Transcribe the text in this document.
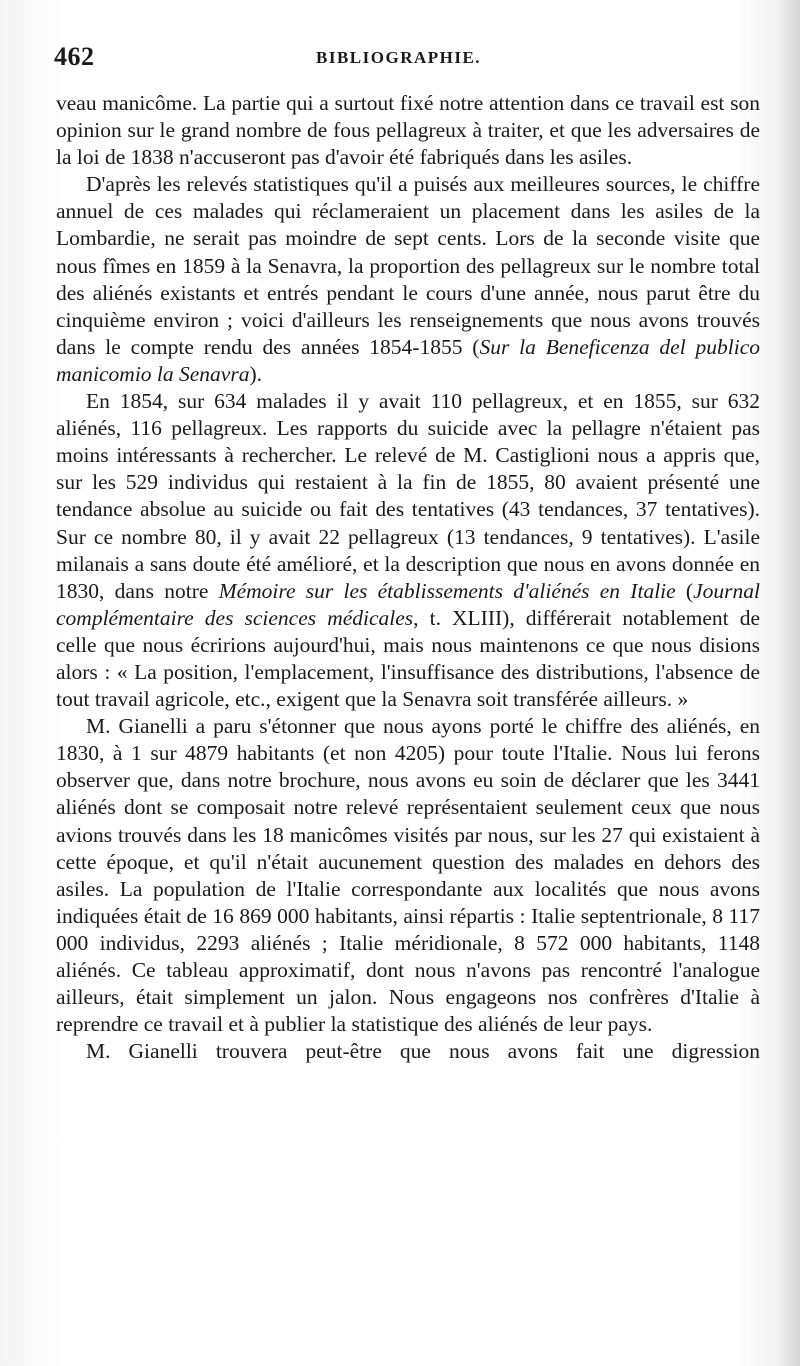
462	BIBLIOGRAPHIE.

veau manicôme. La partie qui a surtout fixé notre attention dans ce travail est son opinion sur le grand nombre de fous pellagreux à traiter, et que les adversaires de la loi de 1838 n'accuseront pas d'avoir été fabriqués dans les asiles.

D'après les relevés statistiques qu'il a puisés aux meilleures sources, le chiffre annuel de ces malades qui réclameraient un placement dans les asiles de la Lombardie, ne serait pas moindre de sept cents. Lors de la seconde visite que nous fîmes en 1859 à la Senavra, la proportion des pellagreux sur le nombre total des aliénés existants et entrés pendant le cours d'une année, nous parut être du cinquième environ ; voici d'ailleurs les renseignements que nous avons trouvés dans le compte rendu des années 1854-1855 (Sur la Beneficenza del publico manicomio la Senavra).

En 1854, sur 634 malades il y avait 110 pellagreux, et en 1855, sur 632 aliénés, 116 pellagreux. Les rapports du suicide avec la pellagre n'étaient pas moins intéressants à rechercher. Le relevé de M. Castiglioni nous a appris que, sur les 529 individus qui restaient à la fin de 1855, 80 avaient présenté une tendance absolue au suicide ou fait des tentatives (43 tendances, 37 tentatives). Sur ce nombre 80, il y avait 22 pellagreux (13 tendances, 9 tentatives). L'asile milanais a sans doute été amélioré, et la description que nous en avons donnée en 1830, dans notre Mémoire sur les établissements d'aliénés en Italie (Journal complémentaire des sciences médicales, t. XLIII), différerait notablement de celle que nous écririons aujourd'hui, mais nous maintenons ce que nous disions alors : « La position, l'emplacement, l'insuffisance des distributions, l'absence de tout travail agricole, etc., exigent que la Senavra soit transférée ailleurs. »

M. Gianelli a paru s'étonner que nous ayons porté le chiffre des aliénés, en 1830, à 1 sur 4879 habitants (et non 4205) pour toute l'Italie. Nous lui ferons observer que, dans notre brochure, nous avons eu soin de déclarer que les 3441 aliénés dont se composait notre relevé représentaient seulement ceux que nous avions trouvés dans les 18 manicômes visités par nous, sur les 27 qui existaient à cette époque, et qu'il n'était aucunement question des malades en dehors des asiles. La population de l'Italie correspondante aux localités que nous avons indiquées était de 16 869 000 habitants, ainsi répartis : Italie septentrionale, 8 117 000 individus, 2293 aliénés ; Italie méridionale, 8 572 000 habitants, 1148 aliénés. Ce tableau approximatif, dont nous n'avons pas rencontré l'analogue ailleurs, était simplement un jalon. Nous engageons nos confrères d'Italie à reprendre ce travail et à publier la statistique des aliénés de leur pays.

M. Gianelli trouvera peut-être que nous avons fait une digression
